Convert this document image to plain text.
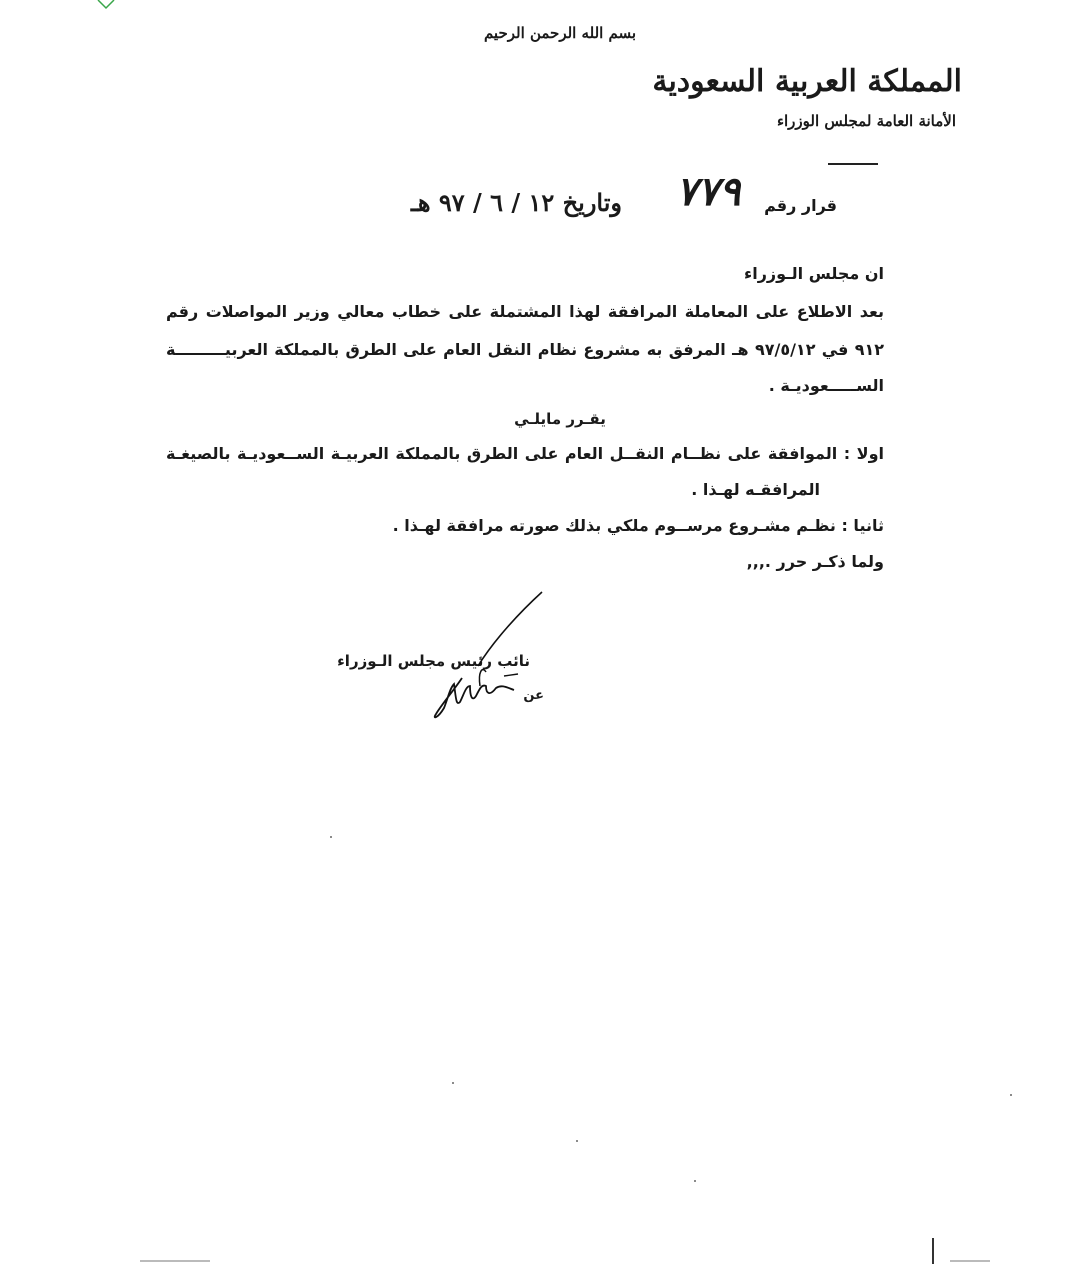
بسم الله الرحمن الرحيم
المملكة العربية السعودية
الأمانة العامة لمجلس الوزراء
قرار رقم
٧٧٩
وتاريخ ١٢ / ٦ / ٩٧ هـ
ان مجلس الـوزراء
بعد الاطلاع على المعاملة المرافقة لهذا المشتملة على خطاب معالي وزير المواصلات رقم
٩١٢ في ٩٧/٥/١٢ هـ المرفق به مشروع نظام النقل العام على الطرق بالمملكة العربيـــــــــة
الســـــعوديـة .
يقـرر مايلـي
اولا : الموافقة على نظــام النقــل العام على الطرق بالمملكة العربيـة الســعوديـة بالصيغـة
المرافقـه لهـذا .
ثانيا : نظـم مشـروع مرســوم ملكي بذلك صورته مرافقة لهـذا .
ولما ذكـر حرر .,,,
نائب رئيس مجلس الـوزراء
عن
